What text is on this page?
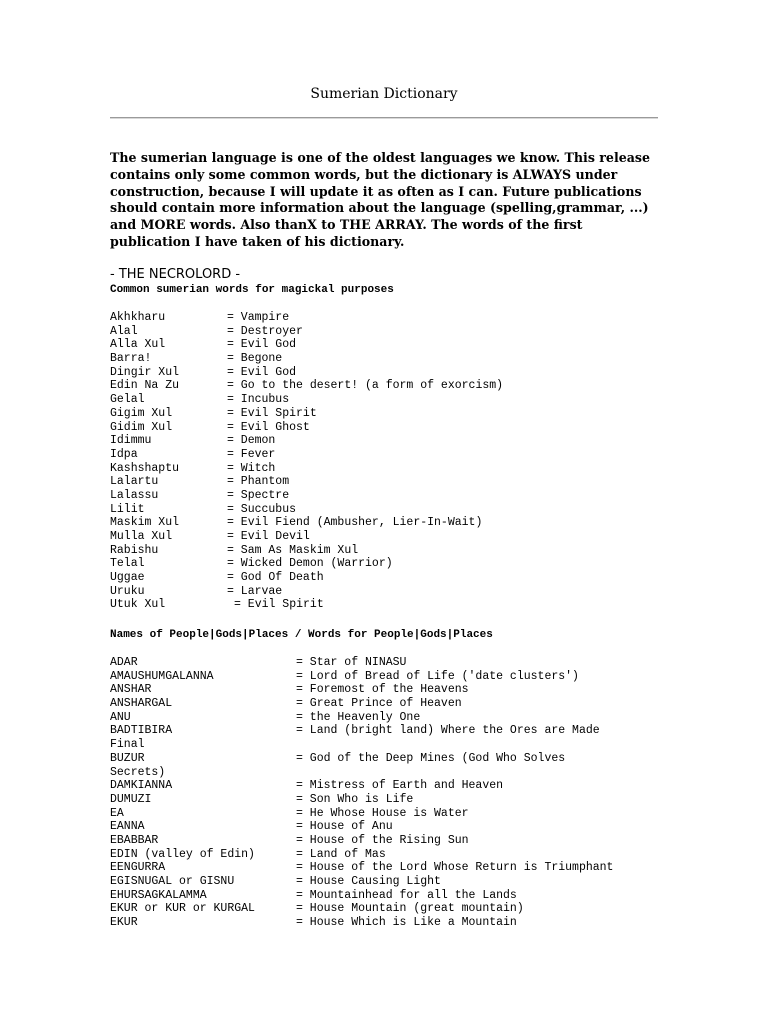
Sumerian Dictionary

The sumerian language is one of the oldest languages we know. This release contains only some common words, but the dictionary is ALWAYS under construction, because I will update it as often as I can. Future publications should contain more information about the language (spelling,grammar, ...) and MORE words. Also thanX to THE ARRAY. The words of the first publication I have taken of his dictionary.

- THE NECROLORD -
Common sumerian words for magickal purposes
Akhkharu	= Vampire
Alal	= Destroyer
Alla Xul	= Evil God
Barra!	= Begone
Dingir Xul	= Evil God
Edin Na Zu	= Go to the desert! (a form of exorcism)
Gelal	= Incubus
Gigim Xul	= Evil Spirit
Gidim Xul	= Evil Ghost
Idimmu	= Demon
Idpa	= Fever
Kashshaptu	= Witch
Lalartu	= Phantom
Lalassu	= Spectre
Lilit	= Succubus
Maskim Xul	= Evil Fiend (Ambusher, Lier-In-Wait)
Mulla Xul	= Evil Devil
Rabishu	= Sam As Maskim Xul
Telal	= Wicked Demon (Warrior)
Uggae	= God Of Death
Uruku	= Larvae
Utuk Xul	= Evil Spirit
Names of People|Gods|Places / Words for People|Gods|Places
ADAR	= Star of NINASU
AMAUSHUMGALANNA	= Lord of Bread of Life ('date clusters')
ANSHAR	= Foremost of the Heavens
ANSHARGAL	= Great Prince of Heaven
ANU	= the Heavenly One
BADTIBIRA	= Land (bright land) Where the Ores are Made
Final
BUZUR	= God of the Deep Mines (God Who Solves
Secrets)
DAMKIANNA	= Mistress of Earth and Heaven
DUMUZI	= Son Who is Life
EA	= He Whose House is Water
EANNA	= House of Anu
EBABBAR	= House of the Rising Sun
EDIN (valley of Edin)	= Land of Mas
EENGURRA	= House of the Lord Whose Return is Triumphant
EGISNUGAL or GISNU	= House Causing Light
EHURSAGKALAMMA	= Mountainhead for all the Lands
EKUR or KUR or KURGAL	= House Mountain (great mountain)
EKUR	= House Which is Like a Mountain
